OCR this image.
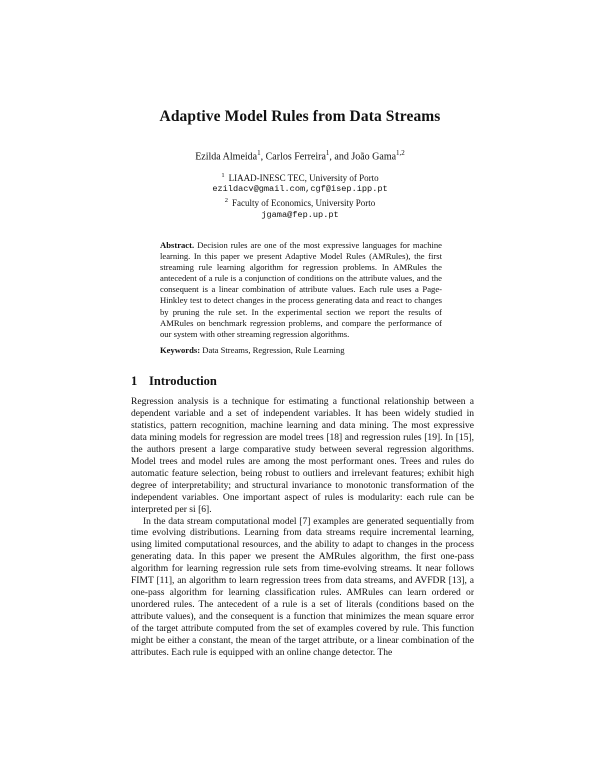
Adaptive Model Rules from Data Streams
Ezilda Almeida$^1$, Carlos Ferreira$^1$, and João Gama$^{1,2}$
$^1$ LIAAD-INESC TEC, University of Porto
ezildacv@gmail.com,cgf@isep.ipp.pt
$^2$ Faculty of Economics, University Porto
jgama@fep.up.pt
Abstract. Decision rules are one of the most expressive languages for machine learning. In this paper we present Adaptive Model Rules (AMRules), the first streaming rule learning algorithm for regression problems. In AMRules the antecedent of a rule is a conjunction of conditions on the attribute values, and the consequent is a linear combination of attribute values. Each rule uses a Page-Hinkley test to detect changes in the process generating data and react to changes by pruning the rule set. In the experimental section we report the results of AMRules on benchmark regression problems, and compare the performance of our system with other streaming regression algorithms.
Keywords: Data Streams, Regression, Rule Learning
1 Introduction

Regression analysis is a technique for estimating a functional relationship between a dependent variable and a set of independent variables. It has been widely studied in statistics, pattern recognition, machine learning and data mining. The most expressive data mining models for regression are model trees [18] and regression rules [19]. In [15], the authors present a large comparative study between several regression algorithms. Model trees and model rules are among the most performant ones. Trees and rules do automatic feature selection, being robust to outliers and irrelevant features; exhibit high degree of interpretability; and structural invariance to monotonic transformation of the independent variables. One important aspect of rules is modularity: each rule can be interpreted per si [6].

In the data stream computational model [7] examples are generated sequentially from time evolving distributions. Learning from data streams require incremental learning, using limited computational resources, and the ability to adapt to changes in the process generating data. In this paper we present the AMRules algorithm, the first one-pass algorithm for learning regression rule sets from time-evolving streams. It near follows FIMT [11], an algorithm to learn regression trees from data streams, and AVFDR [13], a one-pass algorithm for learning classification rules. AMRules can learn ordered or unordered rules. The antecedent of a rule is a set of literals (conditions based on the attribute values), and the consequent is a function that minimizes the mean square error of the target attribute computed from the set of examples covered by rule. This function might be either a constant, the mean of the target attribute, or a linear combination of the attributes. Each rule is equipped with an online change detector. The
